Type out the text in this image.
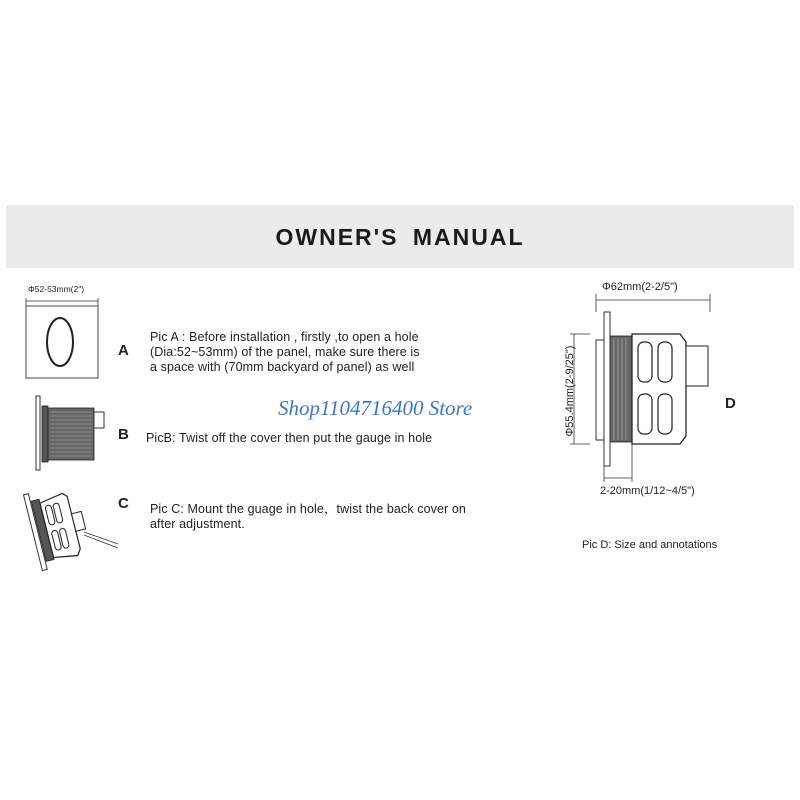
OWNER'S MANUAL
Φ52-53mm(2")
A
Pic A : Before installation , firstly ,to open a hole
(Dia:52~53mm) of the panel, make sure there is
a space with (70mm backyard of panel) as well
B PicB: Twist off the cover then put the gauge in hole
C Pic C: Mount the guage in hole，twist the back cover on
after adjustment.
Φ62mm(2-2/5")
Φ55.4mm(2-9/25")	D
2-20mm(1/12~4/5")
Pic D: Size and annotations
Shop1104716400 Store
